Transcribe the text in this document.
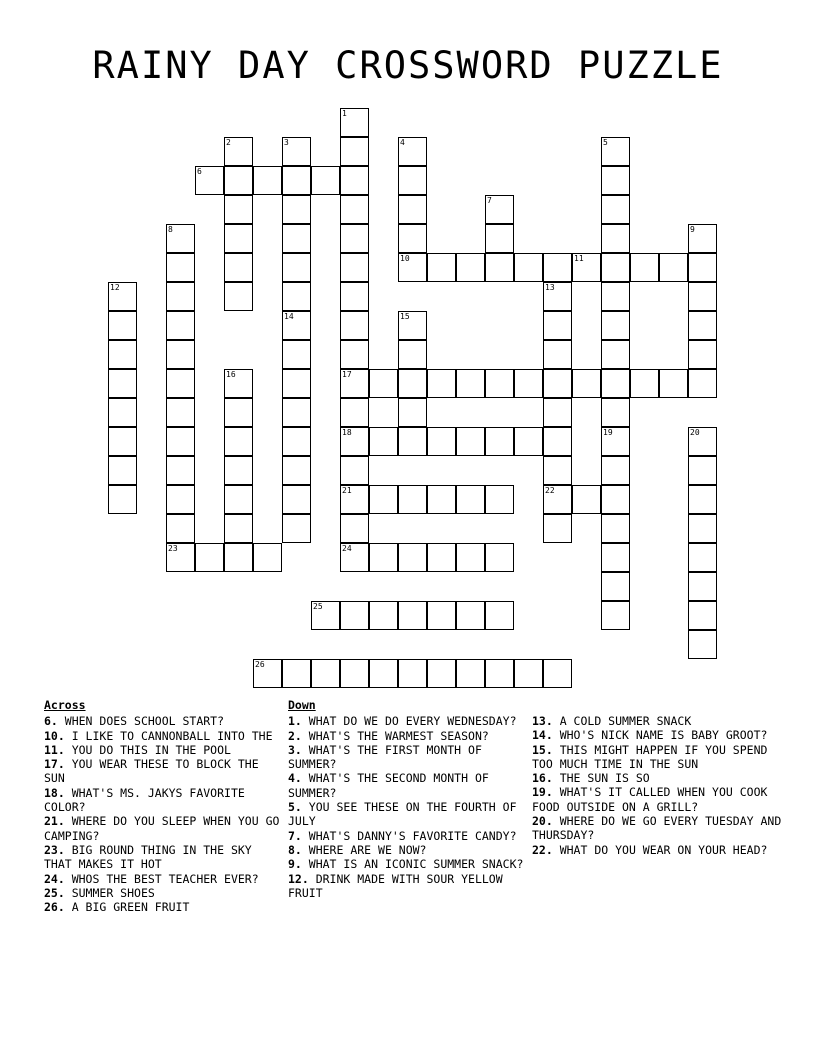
RAINY DAY CROSSWORD PUZZLE
1
2	3	4	5
6
7
8	9
10	11
12	13
14	15
16	17
18	19	20
21	22
23	24
25
26
Across
6. WHEN DOES SCHOOL START?
10. I LIKE TO CANNONBALL INTO THE
11. YOU DO THIS IN THE POOL
17. YOU WEAR THESE TO BLOCK THE SUN
18. WHAT'S MS. JAKYS FAVORITE COLOR?
21. WHERE DO YOU SLEEP WHEN YOU GO CAMPING?
23. BIG ROUND THING IN THE SKY THAT MAKES IT HOT
24. WHOS THE BEST TEACHER EVER?
25. SUMMER SHOES
26. A BIG GREEN FRUIT
Down
1. WHAT DO WE DO EVERY WEDNESDAY?
2. WHAT'S THE WARMEST SEASON?
3. WHAT'S THE FIRST MONTH OF SUMMER?
4. WHAT'S THE SECOND MONTH OF SUMMER?
5. YOU SEE THESE ON THE FOURTH OF JULY
7. WHAT'S DANNY'S FAVORITE CANDY?
8. WHERE ARE WE NOW?
9. WHAT IS AN ICONIC SUMMER SNACK?
12. DRINK MADE WITH SOUR YELLOW FRUIT
13. A COLD SUMMER SNACK
14. WHO'S NICK NAME IS BABY GROOT?
15. THIS MIGHT HAPPEN IF YOU SPEND TOO MUCH TIME IN THE SUN
16. THE SUN IS SO
19. WHAT'S IT CALLED WHEN YOU COOK FOOD OUTSIDE ON A GRILL?
20. WHERE DO WE GO EVERY TUESDAY AND THURSDAY?
22. WHAT DO YOU WEAR ON YOUR HEAD?
